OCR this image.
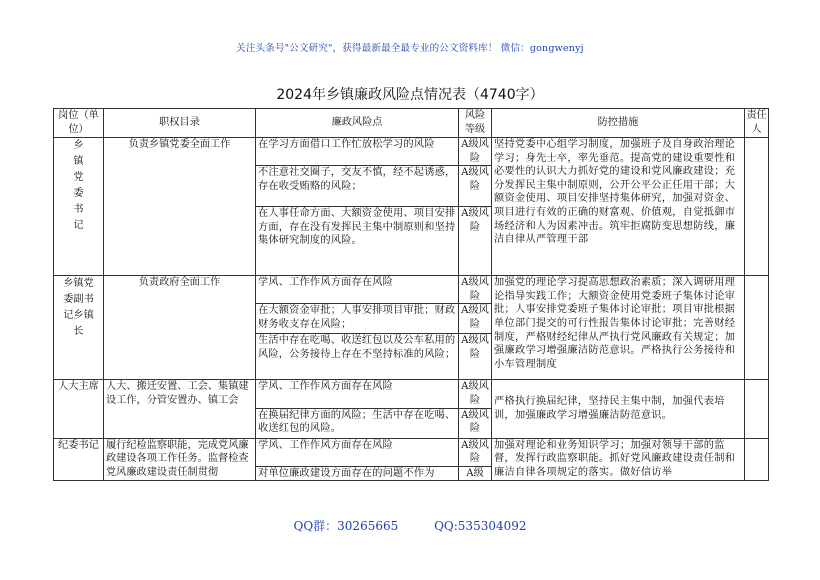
关注头条号"公文研究"，获得最新最全最专业的公文资料库！ 微信：gongwenyj
2024年乡镇廉政风险点情况表（4740字）
岗位（单位）	职权目录	廉政风险点	风险等级	防控措施	责任人
乡镇党委书记	负责乡镇党委全面工作	在学习方面借口工作忙放松学习的风险	A级风险	坚持党委中心组学习制度，加强班子及自身政治理论学习；身先士卒，率先垂范。提高党的建设重要性和必要性的认识大力抓好党的建设和党风廉政建设；充分发挥民主集中制原则，公开公平公正任用干部；大额资金使用、项目安排坚持集体研究，加强对资金、项目进行有效的正确的财富观、价值观，自觉抵御市场经济和人为因素冲击。筑牢拒腐防变思想防线，廉洁自律从严管理干部	
		不注意社交圈子，交友不慎，经不起诱惑，存在收受贿赂的风险；	A级风险		
		在人事任命方面、大额资金使用、项目安排方面，存在没有发挥民主集中制原则和坚持集体研究制度的风险。	A级风险		
乡镇党委副书记乡镇长	负责政府全面工作	学风、工作作风方面存在风险	A级风险	加强党的理论学习提高思想政治素质；深入调研用理论指导实践工作；大额资金使用党委班子集体讨论审批；人事安排党委班子集体讨论审批；项目审批根据单位部门提交的可行性报告集体讨论审批；完善财经制度，严格财经纪律从严执行党风廉政有关规定；加强廉政学习增强廉洁防范意识。严格执行公务接待和小车管理制度	
		在大额资金审批；人事安排项目审批；财政财务收支存在风险；	A级风险		
		生活中存在吃喝、收送红包以及公车私用的风险，公务接待上存在不坚持标准的风险；	A级风险		
人大主席	人大、搬迁安置、工会、集镇建设工作，分管安置办、镇工会	学风、工作作风方面存在风险	A级风险	严格执行换届纪律，坚持民主集中制，加强代表培训，加强廉政学习增强廉洁防范意识。	
		在换届纪律方面的风险；生活中存在吃喝、收送红包的风险。	A级风险		
纪委书记	履行纪检监察职能，完成党风廉政建设各项工作任务。监督检查党风廉政建设责任制贯彻	学风、工作作风方面存在风险	A级风险	加强对理论和业务知识学习；加强对领导干部的监督，发挥行政监察职能。抓好党风廉政建设责任制和廉洁自律各项规定的落实。做好信访举	
		对单位廉政建设方面存在的问题不作为	A级		
QQ群：30265665	QQ:535304092
